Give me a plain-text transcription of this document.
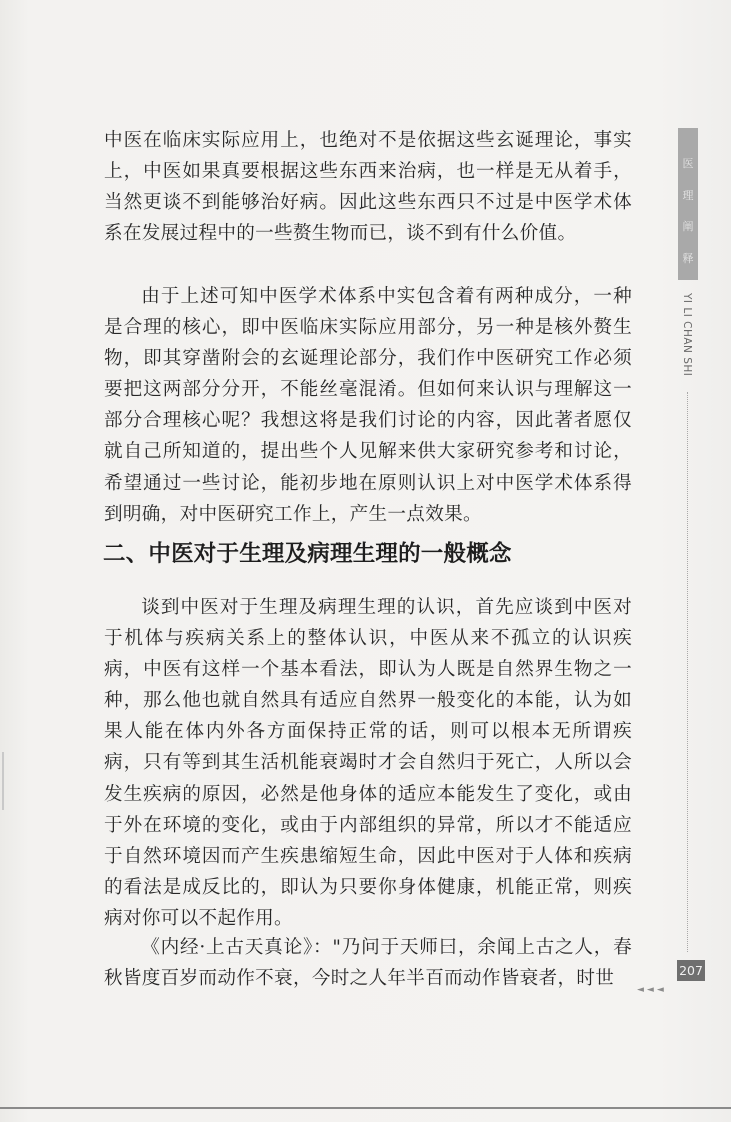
中医在临床实际应用上，也绝对不是依据这些玄诞理论，事实上，中医如果真要根据这些东西来治病，也一样是无从着手，当然更谈不到能够治好病。因此这些东西只不过是中医学术体系在发展过程中的一些赘生物而已，谈不到有什么价值。

由于上述可知中医学术体系中实包含着有两种成分，一种是合理的核心，即中医临床实际应用部分，另一种是核外赘生物，即其穿凿附会的玄诞理论部分，我们作中医研究工作必须要把这两部分分开，不能丝毫混淆。但如何来认识与理解这一部分合理核心呢？我想这将是我们讨论的内容，因此著者愿仅就自己所知道的，提出些个人见解来供大家研究参考和讨论，希望通过一些讨论，能初步地在原则认识上对中医学术体系得到明确，对中医研究工作上，产生一点效果。

二、中医对于生理及病理生理的一般概念

谈到中医对于生理及病理生理的认识，首先应谈到中医对于机体与疾病关系上的整体认识，中医从来不孤立的认识疾病，中医有这样一个基本看法，即认为人既是自然界生物之一种，那么他也就自然具有适应自然界一般变化的本能，认为如果人能在体内外各方面保持正常的话，则可以根本无所谓疾病，只有等到其生活机能衰竭时才会自然归于死亡，人所以会发生疾病的原因，必然是他身体的适应本能发生了变化，或由于外在环境的变化，或由于内部组织的异常，所以才不能适应于自然环境因而产生疾患缩短生命，因此中医对于人体和疾病的看法是成反比的，即认为只要你身体健康，机能正常，则疾病对你可以不起作用。

《内经·上古天真论》："乃问于天师曰，余闻上古之人，春秋皆度百岁而动作不衰，今时之人年半百而动作皆衰者，时世

医
理
阐
释
YI LI CHAN SHI
207
◄◄◄
